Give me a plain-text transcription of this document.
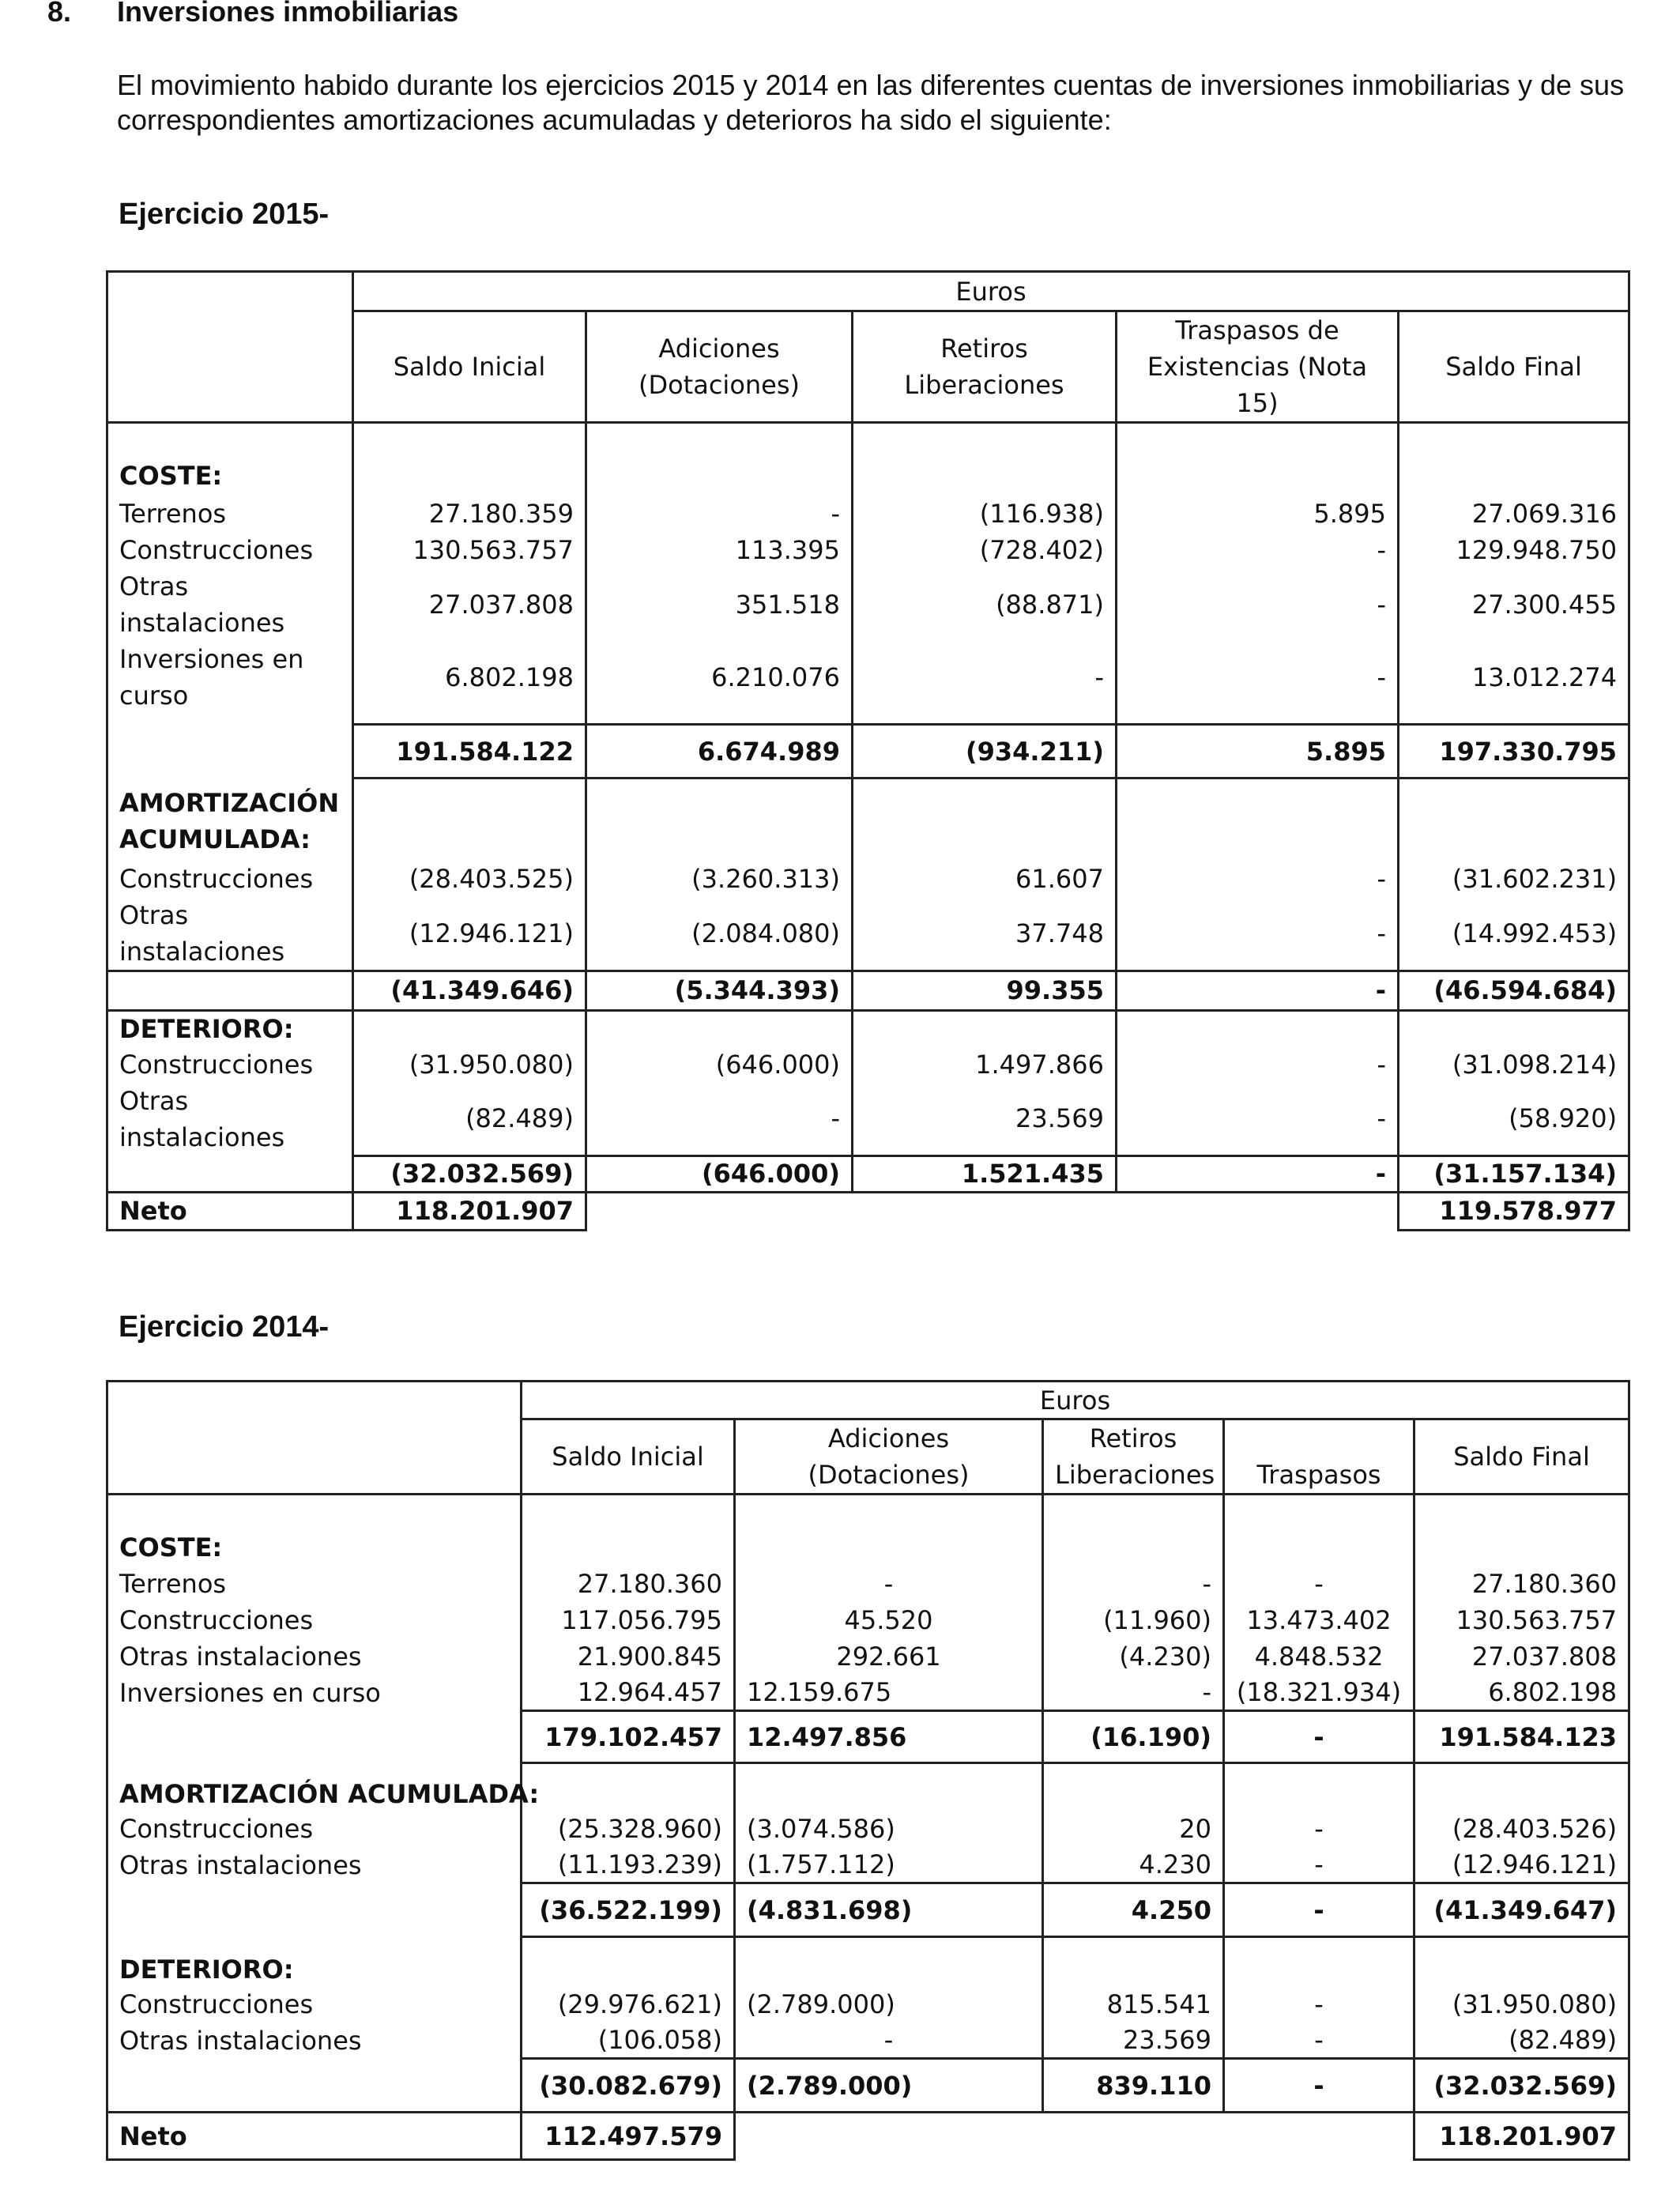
8. Inversiones inmobiliarias
El movimiento habido durante los ejercicios 2015 y 2014 en las diferentes cuentas de inversiones inmobiliarias y de sus correspondientes amortizaciones acumuladas y deterioros ha sido el siguiente:
Ejercicio 2015-
	Euros				
	Saldo Inicial	Adiciones (Dotaciones)	Retiros Liberaciones	Traspasos de Existencias (Nota 15)	Saldo Final
COSTE:					
Terrenos	27.180.359	-	(116.938)	5.895	27.069.316
Construcciones	130.563.757	113.395	(728.402)	-	129.948.750
Otras instalaciones	27.037.808	351.518	(88.871)	-	27.300.455
Inversiones en curso	6.802.198	6.210.076	-	-	13.012.274

	191.584.122	6.674.989	(934.211)	5.895	197.330.795
AMORTIZACIÓN ACUMULADA:					
Construcciones	(28.403.525)	(3.260.313)	61.607	-	(31.602.231)
Otras instalaciones	(12.946.121)	(2.084.080)	37.748	-	(14.992.453)
	(41.349.646)	(5.344.393)	99.355	-	(46.594.684)
DETERIORO:					
Construcciones	(31.950.080)	(646.000)	1.497.866	-	(31.098.214)
Otras instalaciones	(82.489)	-	23.569	-	(58.920)
	(32.032.569)	(646.000)	1.521.435	-	(31.157.134)
Neto	118.201.907				119.578.977
Ejercicio 2014-
	Euros				
	Saldo Inicial	Adiciones (Dotaciones)	Retiros Liberaciones	Traspasos	Saldo Final
COSTE:					
Terrenos	27.180.360	-	-	-	27.180.360
Construcciones	117.056.795	45.520	(11.960)	13.473.402	130.563.757
Otras instalaciones	21.900.845	292.661	(4.230)	4.848.532	27.037.808
Inversiones en curso	12.964.457	12.159.675	-	(18.321.934)	6.802.198
	179.102.457	12.497.856	(16.190)	-	191.584.123
AMORTIZACIÓN ACUMULADA:					
Construcciones	(25.328.960)	(3.074.586)	20	-	(28.403.526)
Otras instalaciones	(11.193.239)	(1.757.112)	4.230	-	(12.946.121)
	(36.522.199)	(4.831.698)	4.250	-	(41.349.647)
DETERIORO:					
Construcciones	(29.976.621)	(2.789.000)	815.541	-	(31.950.080)
Otras instalaciones	(106.058)	-	23.569	-	(82.489)
	(30.082.679)	(2.789.000)	839.110	-	(32.032.569)
Neto	112.497.579				118.201.907
